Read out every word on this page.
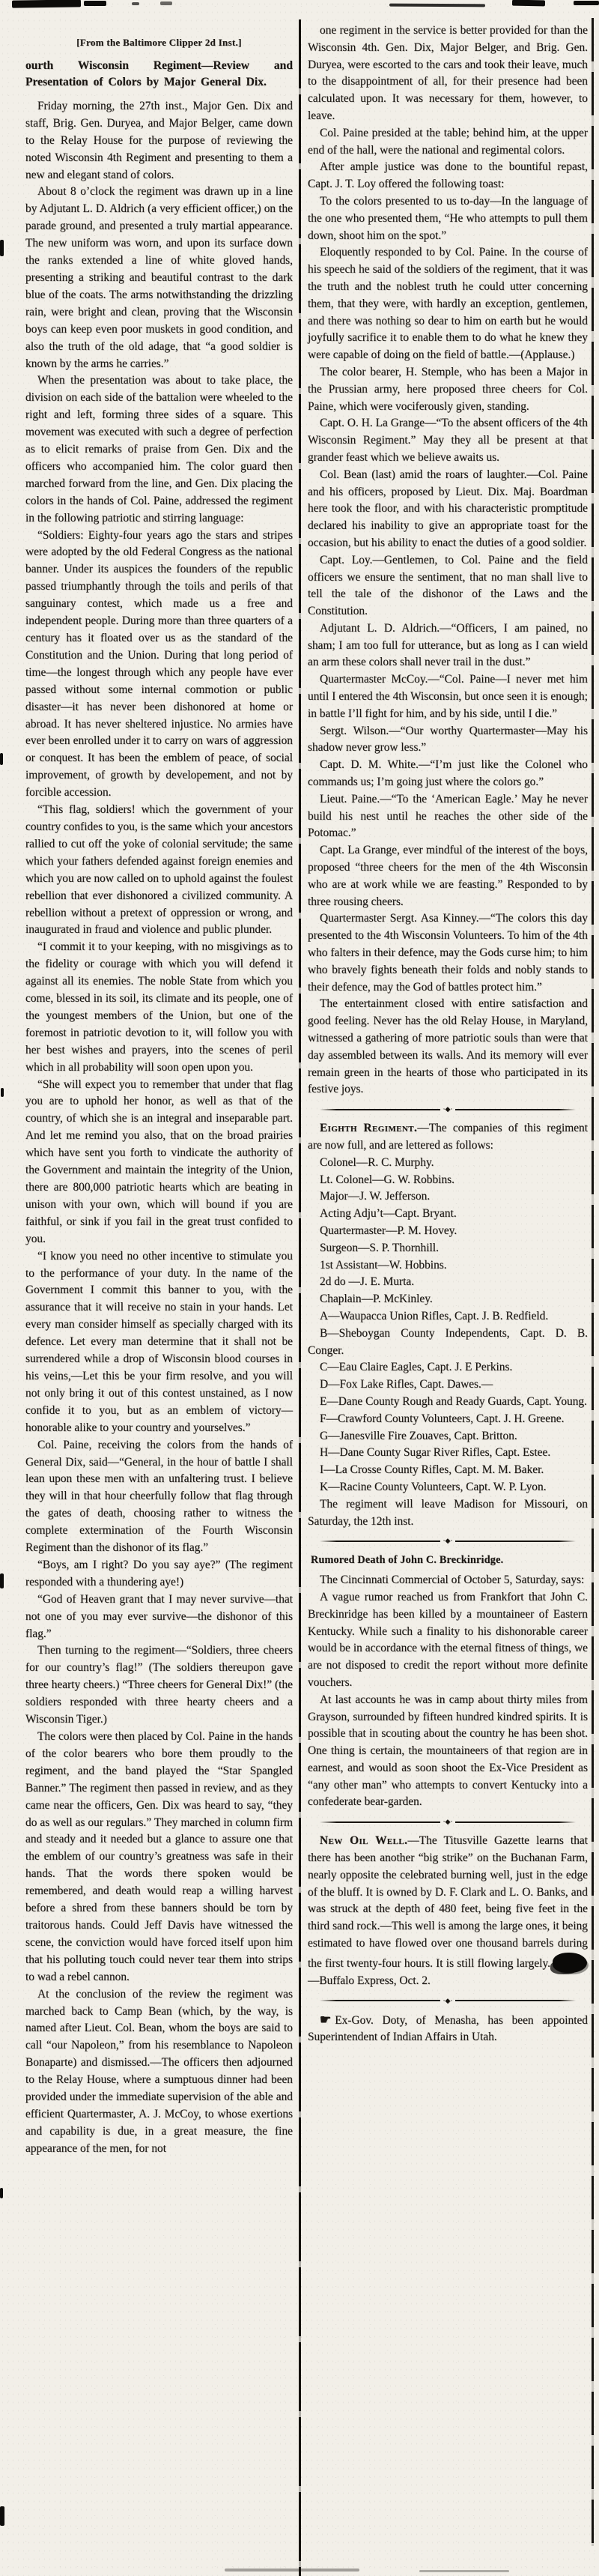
[From the Baltimore Clipper 2d Inst.]
ourth Wisconsin Regiment—Review and Presentation of Colors by Major General Dix.

Friday morning, the 27th inst., Major Gen. Dix and staff, Brig. Gen. Duryea, and Major Belger, came down to the Relay House for the purpose of reviewing the noted Wisconsin 4th Regiment and presenting to them a new and elegant stand of colors.

About 8 o’clock the regiment was drawn up in a line by Adjutant L. D. Aldrich (a very efficient officer,) on the parade ground, and presented a truly martial appearance. The new uniform was worn, and upon its surface down the ranks extended a line of white gloved hands, presenting a striking and beautiful contrast to the dark blue of the coats. The arms notwithstanding the drizzling rain, were bright and clean, proving that the Wisconsin boys can keep even poor muskets in good condition, and also the truth of the old adage, that “a good soldier is known by the arms he carries.”

When the presentation was about to take place, the division on each side of the battalion were wheeled to the right and left, forming three sides of a square. This movement was executed with such a degree of perfection as to elicit remarks of praise from Gen. Dix and the officers who accompanied him. The color guard then marched forward from the line, and Gen. Dix placing the colors in the hands of Col. Paine, addressed the regiment in the following patriotic and stirring language:

“Soldiers: Eighty-four years ago the stars and stripes were adopted by the old Federal Congress as the national banner. Under its auspices the founders of the republic passed triumphantly through the toils and perils of that sanguinary contest, which made us a free and independent people. During more than three quarters of a century has it floated over us as the standard of the Constitution and the Union. During that long period of time—the longest through which any people have ever passed without some internal commotion or public disaster—it has never been dishonored at home or abroad. It has never sheltered injustice. No armies have ever been enrolled under it to carry on wars of aggression or conquest. It has been the emblem of peace, of social improvement, of growth by developement, and not by forcible accession.

“This flag, soldiers! which the government of your country confides to you, is the same which your ancestors rallied to cut off the yoke of colonial servitude; the same which your fathers defended against foreign enemies and which you are now called on to uphold against the foulest rebellion that ever dishonored a civilized community. A rebellion without a pretext of oppression or wrong, and inaugurated in fraud and violence and public plunder.

“I commit it to your keeping, with no misgivings as to the fidelity or courage with which you will defend it against all its enemies. The noble State from which you come, blessed in its soil, its climate and its people, one of the youngest members of the Union, but one of the foremost in patriotic devotion to it, will follow you with her best wishes and prayers, into the scenes of peril which in all probability will soon open upon you.

“She will expect you to remember that under that flag you are to uphold her honor, as well as that of the country, of which she is an integral and inseparable part. And let me remind you also, that on the broad prairies which have sent you forth to vindicate the authority of the Government and maintain the integrity of the Union, there are 800,000 patriotic hearts which are beating in unison with your own, which will bound if you are faithful, or sink if you fail in the great trust confided to you.

“I know you need no other incentive to stimulate you to the performance of your duty. In the name of the Government I commit this banner to you, with the assurance that it will receive no stain in your hands. Let every man consider himself as specially charged with its defence. Let every man determine that it shall not be surrendered while a drop of Wisconsin blood courses in his veins,—Let this be your firm resolve, and you will not only bring it out of this contest unstained, as I now confide it to you, but as an emblem of victory—honorable alike to your country and yourselves.”

Col. Paine, receiving the colors from the hands of General Dix, said—“General, in the hour of battle I shall lean upon these men with an unfaltering trust. I believe they will in that hour cheerfully follow that flag through the gates of death, choosing rather to witness the complete extermination of the Fourth Wisconsin Regiment than the dishonor of its flag.”

“Boys, am I right? Do you say aye?” (The regiment responded with a thundering aye!)

“God of Heaven grant that I may never survive—that not one of you may ever survive—the dishonor of this flag.”

Then turning to the regiment—“Soldiers, three cheers for our country’s flag!” (The soldiers thereupon gave three hearty cheers.) “Three cheers for General Dix!” (the soldiers responded with three hearty cheers and a Wisconsin Tiger.)

The colors were then placed by Col. Paine in the hands of the color bearers who bore them proudly to the regiment, and the band played the “Star Spangled Banner.” The regiment then passed in review, and as they came near the officers, Gen. Dix was heard to say, “they do as well as our regulars.” They marched in column firm and steady and it needed but a glance to assure one that the emblem of our country’s greatness was safe in their hands. That the words there spoken would be remembered, and death would reap a willing harvest before a shred from these banners should be torn by traitorous hands. Could Jeff Davis have witnessed the scene, the conviction would have forced itself upon him that his polluting touch could never tear them into strips to wad a rebel cannon.

At the conclusion of the review the regiment was marched back to Camp Bean (which, by the way, is named after Lieut. Col. Bean, whom the boys are said to call “our Napoleon,” from his resemblance to Napoleon Bonaparte) and dismissed.—The officers then adjourned to the Relay House, where a sumptuous dinner had been provided under the immediate supervision of the able and efficient Quartermaster, A. J. McCoy, to whose exertions and capability is due, in a great measure, the fine appearance of the men, for not

one regiment in the service is better provided for than the Wisconsin 4th. Gen. Dix, Major Belger, and Brig. Gen. Duryea, were escorted to the cars and took their leave, much to the disappointment of all, for their presence had been calculated upon. It was necessary for them, however, to leave.

Col. Paine presided at the table; behind him, at the upper end of the hall, were the national and regimental colors.

After ample justice was done to the bountiful repast, Capt. J. T. Loy offered the following toast:

To the colors presented to us to-day—In the language of the one who presented them, “He who attempts to pull them down, shoot him on the spot.”

Eloquently responded to by Col. Paine. In the course of his speech he said of the soldiers of the regiment, that it was the truth and the noblest truth he could utter concerning them, that they were, with hardly an exception, gentlemen, and there was nothing so dear to him on earth but he would joyfully sacrifice it to enable them to do what he knew they were capable of doing on the field of battle.—(Applause.)

The color bearer, H. Stemple, who has been a Major in the Prussian army, here proposed three cheers for Col. Paine, which were vociferously given, standing.

Capt. O. H. La Grange—“To the absent officers of the 4th Wisconsin Regiment.” May they all be present at that grander feast which we believe awaits us.

Col. Bean (last) amid the roars of laughter.—Col. Paine and his officers, proposed by Lieut. Dix. Maj. Boardman here took the floor, and with his characteristic promptitude declared his inability to give an appropriate toast for the occasion, but his ability to enact the duties of a good soldier.

Capt. Loy.—Gentlemen, to Col. Paine and the field officers we ensure the sentiment, that no man shall live to tell the tale of the dishonor of the Laws and the Constitution.

Adjutant L. D. Aldrich.—“Officers, I am pained, no sham; I am too full for utterance, but as long as I can wield an arm these colors shall never trail in the dust.”

Quartermaster McCoy.—“Col. Paine—I never met him until I entered the 4th Wisconsin, but once seen it is enough; in battle I’ll fight for him, and by his side, until I die.”

Sergt. Wilson.—“Our worthy Quartermaster—May his shadow never grow less.”

Capt. D. M. White.—“I’m just like the Colonel who commands us; I’m going just where the colors go.”

Lieut. Paine.—“To the ‘American Eagle.’ May he never build his nest until he reaches the other side of the Potomac.”

Capt. La Grange, ever mindful of the interest of the boys, proposed “three cheers for the men of the 4th Wisconsin who are at work while we are feasting.” Responded to by three rousing cheers.

Quartermaster Sergt. Asa Kinney.—“The colors this day presented to the 4th Wisconsin Volunteers. To him of the 4th who falters in their defence, may the Gods curse him; to him who bravely fights beneath their folds and nobly stands to their defence, may the God of battles protect him.”

The entertainment closed with entire satisfaction and good feeling. Never has the old Relay House, in Maryland, witnessed a gathering of more patriotic souls than were that day assembled between its walls. And its memory will ever remain green in the hearts of those who participated in its festive joys.

·◆·

Eighth Regiment.—The companies of this regiment are now full, and are lettered as follows:

Colonel—R. C. Murphy.

Lt. Colonel—G. W. Robbins.

Major—J. W. Jefferson.

Acting Adju’t—Capt. Bryant.

Quartermaster—P. M. Hovey.

Surgeon—S. P. Thornhill.

1st Assistant—W. Hobbins.

2d do —J. E. Murta.

Chaplain—P. McKinley.

A—Waupacca Union Rifles, Capt. J. B. Redfield.

B—Sheboygan County Independents, Capt. D. B. Conger.

C—Eau Claire Eagles, Capt. J. E Perkins.

D—Fox Lake Rifles, Capt. Dawes.—

E—Dane County Rough and Ready Guards, Capt. Young.

F—Crawford County Volunteers, Capt. J. H. Greene.

G—Janesville Fire Zouaves, Capt. Britton.

H—Dane County Sugar River Rifles, Capt. Estee.

I—La Crosse County Rifles, Capt. M. M. Baker.

K—Racine County Volunteers, Capt. W. P. Lyon.

The regiment will leave Madison for Missouri, on Saturday, the 12th inst.

·◆·
Rumored Death of John C. Breckinridge.

The Cincinnati Commercial of October 5, Saturday, says:

A vague rumor reached us from Frankfort that John C. Breckinridge has been killed by a mountaineer of Eastern Kentucky. While such a finality to his dishonorable career would be in accordance with the eternal fitness of things, we are not disposed to credit the report without more definite vouchers.

At last accounts he was in camp about thirty miles from Grayson, surrounded by fifteen hundred kindred spirits. It is possible that in scouting about the country he has been shot. One thing is certain, the mountaineers of that region are in earnest, and would as soon shoot the Ex-Vice President as “any other man” who attempts to convert Kentucky into a confederate bear-garden.

·◆·

New Oil Well.—The Titusville Gazette learns that there has been another “big strike” on the Buchanan Farm, nearly opposite the celebrated burning well, just in the edge of the bluff. It is owned by D. F. Clark and L. O. Banks, and was struck at the depth of 480 feet, being five feet in the third sand rock.—This well is among the large ones, it being estimated to have flowed over one thousand barrels during the first twenty-four hours. It is still flowing largely.—Buffalo Express, Oct. 2.

·◆·

☛ Ex-Gov. Doty, of Menasha, has been appointed Superintendent of Indian Affairs in Utah.
